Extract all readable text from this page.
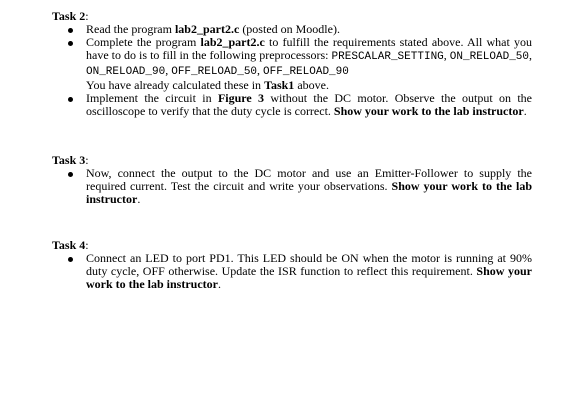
Task 2:

Read the program lab2_part2.c (posted on Moodle).
Complete the program lab2_part2.c to fulfill the requirements stated above. All what you have to do is to fill in the following preprocessors: PRESCALAR_SETTING, ON_RELOAD_50, ON_RELOAD_90, OFF_RELOAD_50, OFF_RELOAD_90
You have already calculated these in Task1 above.
Implement the circuit in Figure 3 without the DC motor. Observe the output on the oscilloscope to verify that the duty cycle is correct. Show your work to the lab instructor.

Task 3:

Now, connect the output to the DC motor and use an Emitter-Follower to supply the required current. Test the circuit and write your observations. Show your work to the lab instructor.

Task 4:

Connect an LED to port PD1. This LED should be ON when the motor is running at 90% duty cycle, OFF otherwise. Update the ISR function to reflect this requirement. Show your work to the lab instructor.
